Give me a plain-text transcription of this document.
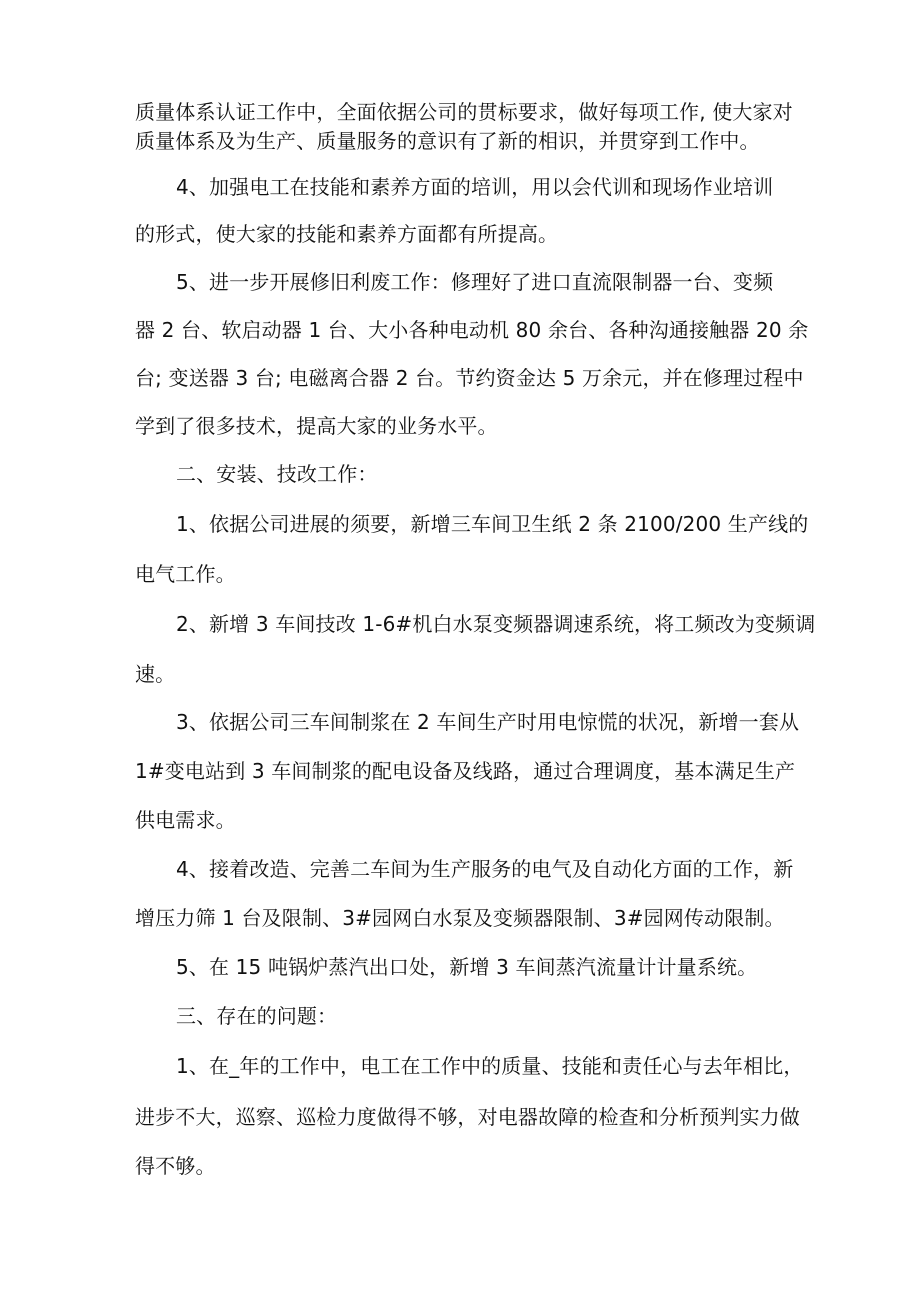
质量体系认证工作中，全面依据公司的贯标要求，做好每项工作, 使大家对
质量体系及为生产、质量服务的意识有了新的相识，并贯穿到工作中。
4、加强电工在技能和素养方面的培训，用以会代训和现场作业培训
的形式，使大家的技能和素养方面都有所提高。
5、进一步开展修旧利废工作：修理好了进口直流限制器一台、变频
器 2 台、软启动器 1 台、大小各种电动机 80 余台、各种沟通接触器 20 余
台; 变送器 3 台; 电磁离合器 2 台。节约资金达 5 万余元，并在修理过程中
学到了很多技术，提高大家的业务水平。
二、安装、技改工作：
1、依据公司进展的须要，新增三车间卫生纸 2 条 2100/200 生产线的
电气工作。
2、新增 3 车间技改 1-6#机白水泵变频器调速系统，将工频改为变频调
速。
3、依据公司三车间制浆在 2 车间生产时用电惊慌的状况，新增一套从
1#变电站到 3 车间制浆的配电设备及线路，通过合理调度，基本满足生产
供电需求。
4、接着改造、完善二车间为生产服务的电气及自动化方面的工作，新
增压力筛 1 台及限制、3#园网白水泵及变频器限制、3#园网传动限制。
5、在 15 吨锅炉蒸汽出口处，新增 3 车间蒸汽流量计计量系统。
三、存在的问题：
1、在_年的工作中，电工在工作中的质量、技能和责任心与去年相比，
进步不大，巡察、巡检力度做得不够，对电器故障的检查和分析预判实力做
得不够。
